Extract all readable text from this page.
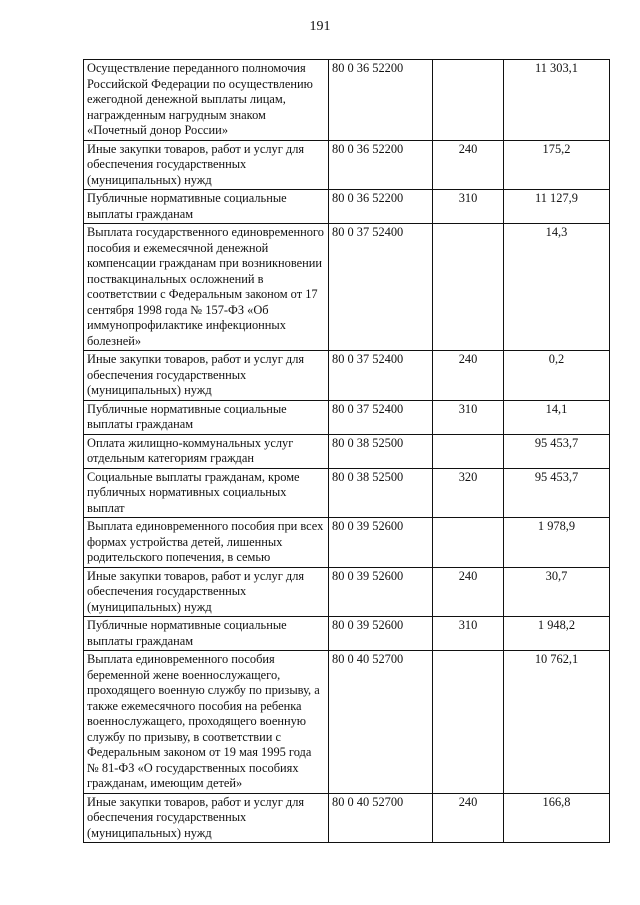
191
Осуществление переданного полномочия Российской Федерации по осуществлению ежегодной денежной выплаты лицам, награжденным нагрудным знаком «Почетный донор России»	80 0 36 52200		11 303,1
Иные закупки товаров, работ и услуг для обеспечения государственных (муниципальных) нужд	80 0 36 52200	240	175,2
Публичные нормативные социальные выплаты гражданам	80 0 36 52200	310	11 127,9
Выплата государственного единовременного пособия и ежемесячной денежной компенсации гражданам при возникновении поствакцинальных осложнений в соответствии с Федеральным законом от 17 сентября 1998 года № 157-ФЗ «Об иммунопрофилактике инфекционных болезней»	80 0 37 52400		14,3
Иные закупки товаров, работ и услуг для обеспечения государственных (муниципальных) нужд	80 0 37 52400	240	0,2
Публичные нормативные социальные выплаты гражданам	80 0 37 52400	310	14,1
Оплата жилищно-коммунальных услуг отдельным категориям граждан	80 0 38 52500		95 453,7
Социальные выплаты гражданам, кроме публичных нормативных социальных выплат	80 0 38 52500	320	95 453,7
Выплата единовременного пособия при всех формах устройства детей, лишенных родительского попечения, в семью	80 0 39 52600		1 978,9
Иные закупки товаров, работ и услуг для обеспечения государственных (муниципальных) нужд	80 0 39 52600	240	30,7
Публичные нормативные социальные выплаты гражданам	80 0 39 52600	310	1 948,2
Выплата единовременного пособия беременной жене военнослужащего, проходящего военную службу по призыву, а также ежемесячного пособия на ребенка военнослужащего, проходящего военную службу по призыву, в соответствии с Федеральным законом от 19 мая 1995 года № 81-ФЗ «О государственных пособиях гражданам, имеющим детей»	80 0 40 52700		10 762,1
Иные закупки товаров, работ и услуг для обеспечения государственных (муниципальных) нужд	80 0 40 52700	240	166,8
